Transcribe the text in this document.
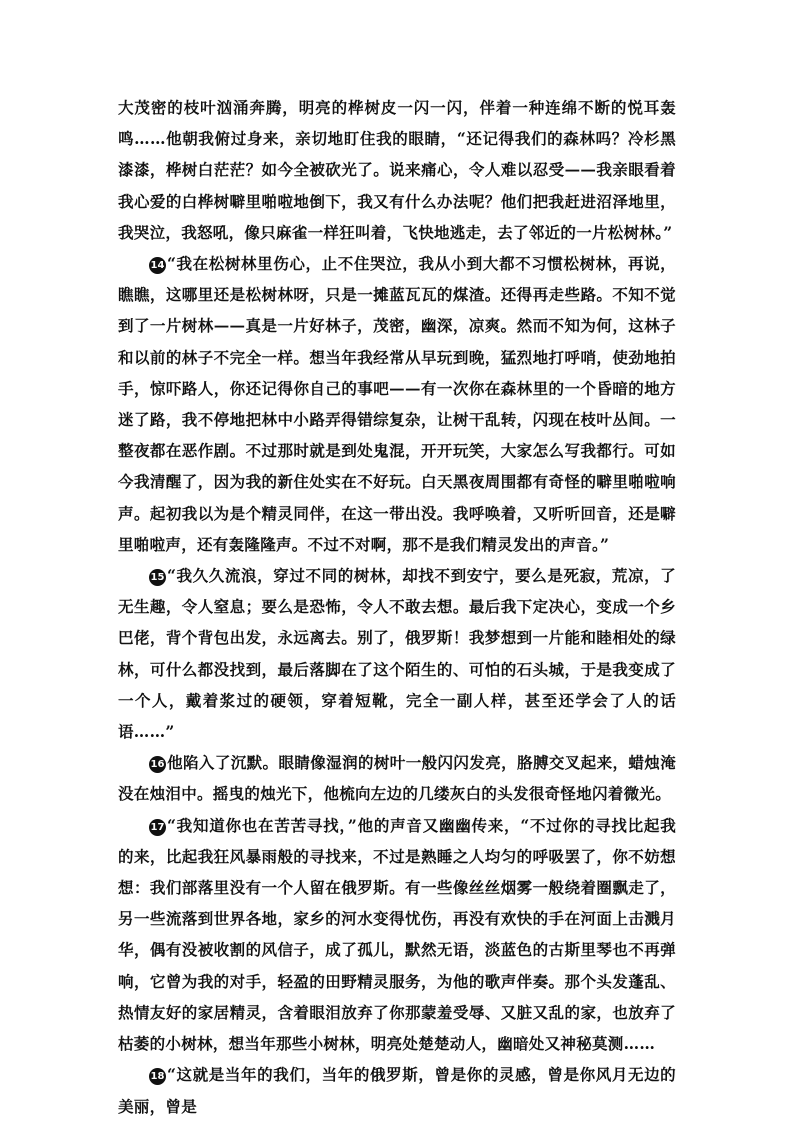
大茂密的枝叶汹涌奔腾，明亮的桦树皮一闪一闪，伴着一种连绵不断的悦耳轰鸣……他朝我俯过身来，亲切地盯住我的眼睛，“还记得我们的森林吗？冷杉黑漆漆，桦树白茫茫？如今全被砍光了。说来痛心，令人难以忍受——我亲眼看着我心爱的白桦树噼里啪啦地倒下，我又有什么办法呢？他们把我赶进沼泽地里，我哭泣，我怒吼，像只麻雀一样狂叫着，飞快地逃走，去了邻近的一片松树林。”

14 “我在松树林里伤心，止不住哭泣，我从小到大都不习惯松树林，再说，瞧瞧，这哪里还是松树林呀，只是一摊蓝瓦瓦的煤渣。还得再走些路。不知不觉到了一片树林——真是一片好林子，茂密，幽深，凉爽。然而不知为何，这林子和以前的林子不完全一样。想当年我经常从早玩到晚，猛烈地打呼哨，使劲地拍手，惊吓路人，你还记得你自己的事吧——有一次你在森林里的一个昏暗的地方迷了路，我不停地把林中小路弄得错综复杂，让树干乱转，闪现在枝叶丛间。一整夜都在恶作剧。不过那时就是到处鬼混，开开玩笑，大家怎么写我都行。可如今我清醒了，因为我的新住处实在不好玩。白天黑夜周围都有奇怪的噼里啪啦响声。起初我以为是个精灵同伴，在这一带出没。我呼唤着，又听听回音，还是噼里啪啦声，还有轰隆隆声。不过不对啊，那不是我们精灵发出的声音。”

15 “我久久流浪，穿过不同的树林，却找不到安宁，要么是死寂，荒凉，了无生趣，令人窒息；要么是恐怖，令人不敢去想。最后我下定决心，变成一个乡巴佬，背个背包出发，永远离去。别了，俄罗斯！我梦想到一片能和睦相处的绿林，可什么都没找到，最后落脚在了这个陌生的、可怕的石头城，于是我变成了一个人，戴着浆过的硬领，穿着短靴，完全一副人样，甚至还学会了人的话语……”

16 他陷入了沉默。眼睛像湿润的树叶一般闪闪发亮，胳膊交叉起来，蜡烛淹没在烛泪中。摇曳的烛光下，他梳向左边的几缕灰白的头发很奇怪地闪着微光。

17 “我知道你也在苦苦寻找，”他的声音又幽幽传来，“不过你的寻找比起我的来，比起我狂风暴雨般的寻找来，不过是熟睡之人均匀的呼吸罢了，你不妨想想：我们部落里没有一个人留在俄罗斯。有一些像丝丝烟雾一般绕着圈飘走了，另一些流落到世界各地，家乡的河水变得忧伤，再没有欢快的手在河面上击溅月华，偶有没被收割的风信子，成了孤儿，默然无语，淡蓝色的古斯里琴也不再弹响，它曾为我的对手，轻盈的田野精灵服务，为他的歌声伴奏。那个头发蓬乱、热情友好的家居精灵，含着眼泪放弃了你那蒙羞受辱、又脏又乱的家，也放弃了枯萎的小树林，想当年那些小树林，明亮处楚楚动人，幽暗处又神秘莫测……

18 “这就是当年的我们，当年的俄罗斯，曾是你的灵感，曾是你风月无边的美丽，曾是
